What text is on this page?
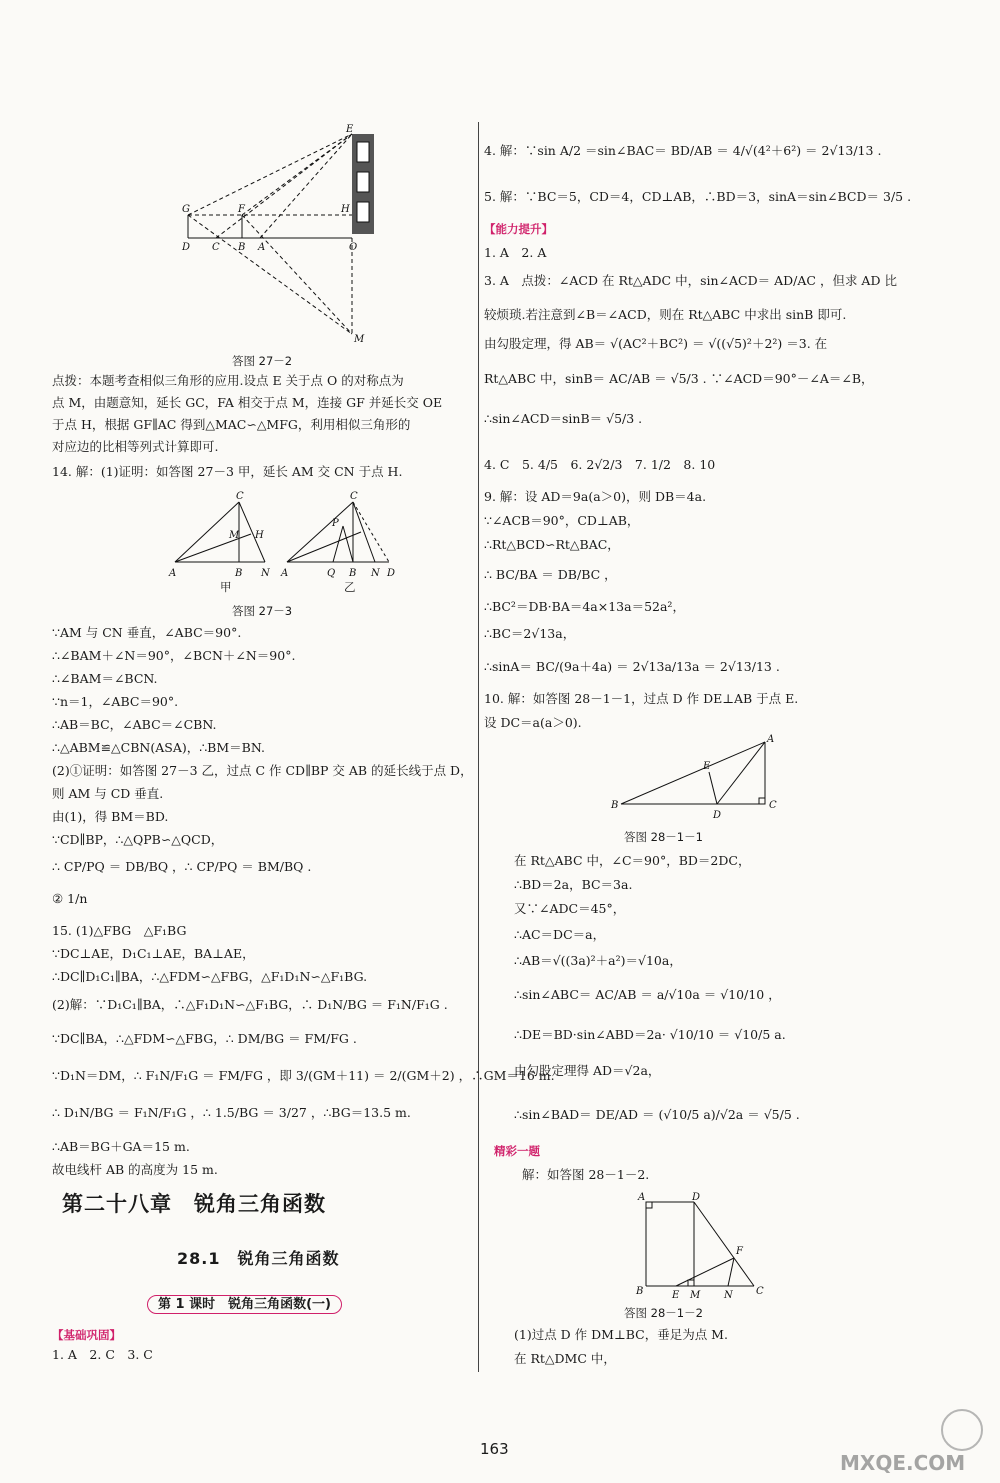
E
G	F	H
D C B A	O
M
答图 27－2
点拨：本题考查相似三角形的应用.设点 E 关于点 O 的对称点为
点 M，由题意知，延长 GC，FA 相交于点 M，连接 GF 并延长交 OE
于点 H，根据 GF∥AC 得到△MAC∽△MFG，利用相似三角形的
对应边的比相等列式计算即可.
14. 解：(1)证明：如答图 27－3 甲，延长 AM 交 CN 于点 H.
C
M H
A	B N
C
P
A	Q B N D
甲	乙
答图 27－3
∵AM 与 CN 垂直，∠ABC＝90°.
∴∠BAM＋∠N＝90°，∠BCN＋∠N＝90°.
∴∠BAM＝∠BCN.
∵n＝1，∠ABC＝90°.
∴AB＝BC，∠ABC＝∠CBN.
∴△ABM≌△CBN(ASA)，∴BM＝BN.
(2)①证明：如答图 27－3 乙，过点 C 作 CD∥BP 交 AB 的延长线于点 D，
则 AM 与 CD 垂直.
由(1)，得 BM＝BD.
∵CD∥BP，∴△QPB∽△QCD，
∴ CP/PQ ＝ DB/BQ ，∴ CP/PQ ＝ BM/BQ .
② 1/n
15. (1)△FBG　△F₁BG
∵DC⊥AE，D₁C₁⊥AE，BA⊥AE，
∴DC∥D₁C₁∥BA，∴△FDM∽△FBG，△F₁D₁N∽△F₁BG.
(2)解：∵D₁C₁∥BA，∴△F₁D₁N∽△F₁BG，∴ D₁N/BG ＝ F₁N/F₁G .
∵DC∥BA，∴△FDM∽△FBG，∴ DM/BG ＝ FM/FG .
∵D₁N＝DM，∴ F₁N/F₁G ＝ FM/FG ，即 3/(GM＋11) ＝ 2/(GM＋2) ，∴GM＝16 m.
∴ D₁N/BG ＝ F₁N/F₁G ，∴ 1.5/BG ＝ 3/27 ，∴BG＝13.5 m.
∴AB＝BG＋GA＝15 m.
故电线杆 AB 的高度为 15 m.
第二十八章　锐角三角函数
28.1　锐角三角函数
第 1 课时　锐角三角函数(一)
【基础巩固】
1. A　2. C　3. C
4. 解：∵sin A/2 ＝sin∠BAC＝ BD/AB ＝ 4/√(4²＋6²) ＝ 2√13/13 .
5. 解：∵BC＝5，CD＝4，CD⊥AB，∴BD＝3，sinA＝sin∠BCD＝ 3/5 .
【能力提升】
1. A　2. A
3. A　点拨：∠ACD 在 Rt△ADC 中，sin∠ACD＝ AD/AC ，但求 AD 比
较烦琐.若注意到∠B＝∠ACD，则在 Rt△ABC 中求出 sinB 即可.
由勾股定理，得 AB＝ √(AC²＋BC²) ＝ √((√5)²＋2²) ＝3. 在
Rt△ABC 中，sinB＝ AC/AB ＝ √5/3 . ∵∠ACD＝90°－∠A＝∠B，
∴sin∠ACD＝sinB＝ √5/3 .
4. C　5. 4/5　6. 2√2/3　7. 1/2　8. 10
9. 解：设 AD＝9a(a＞0)，则 DB＝4a.
∵∠ACB＝90°，CD⊥AB，
∴Rt△BCD∽Rt△BAC，
∴ BC/BA ＝ DB/BC ，
∴BC²＝DB·BA＝4a×13a＝52a²，
∴BC＝2√13a，
∴sinA＝ BC/(9a＋4a) ＝ 2√13a/13a ＝ 2√13/13 .
10. 解：如答图 28－1－1，过点 D 作 DE⊥AB 于点 E.
设 DC＝a(a＞0).
A
E
B
D
C
答图 28－1－1
在 Rt△ABC 中，∠C＝90°，BD＝2DC，
∴BD＝2a，BC＝3a.
又∵∠ADC＝45°，
∴AC＝DC＝a，
∴AB＝√((3a)²＋a²)＝√10a，
∴sin∠ABC＝ AC/AB ＝ a/√10a ＝ √10/10 ，
∴DE＝BD·sin∠ABD＝2a· √10/10 ＝ √10/5 a.
由勾股定理得 AD＝√2a，
∴sin∠BAD＝ DE/AD ＝ (√10/5 a)/√2a ＝ √5/5 .
精彩一题
解：如答图 28－1－2.
A	D
F
B	E M N C
答图 28－1－2
(1)过点 D 作 DM⊥BC，垂足为点 M.
在 Rt△DMC 中，
163
MXQE.COM
